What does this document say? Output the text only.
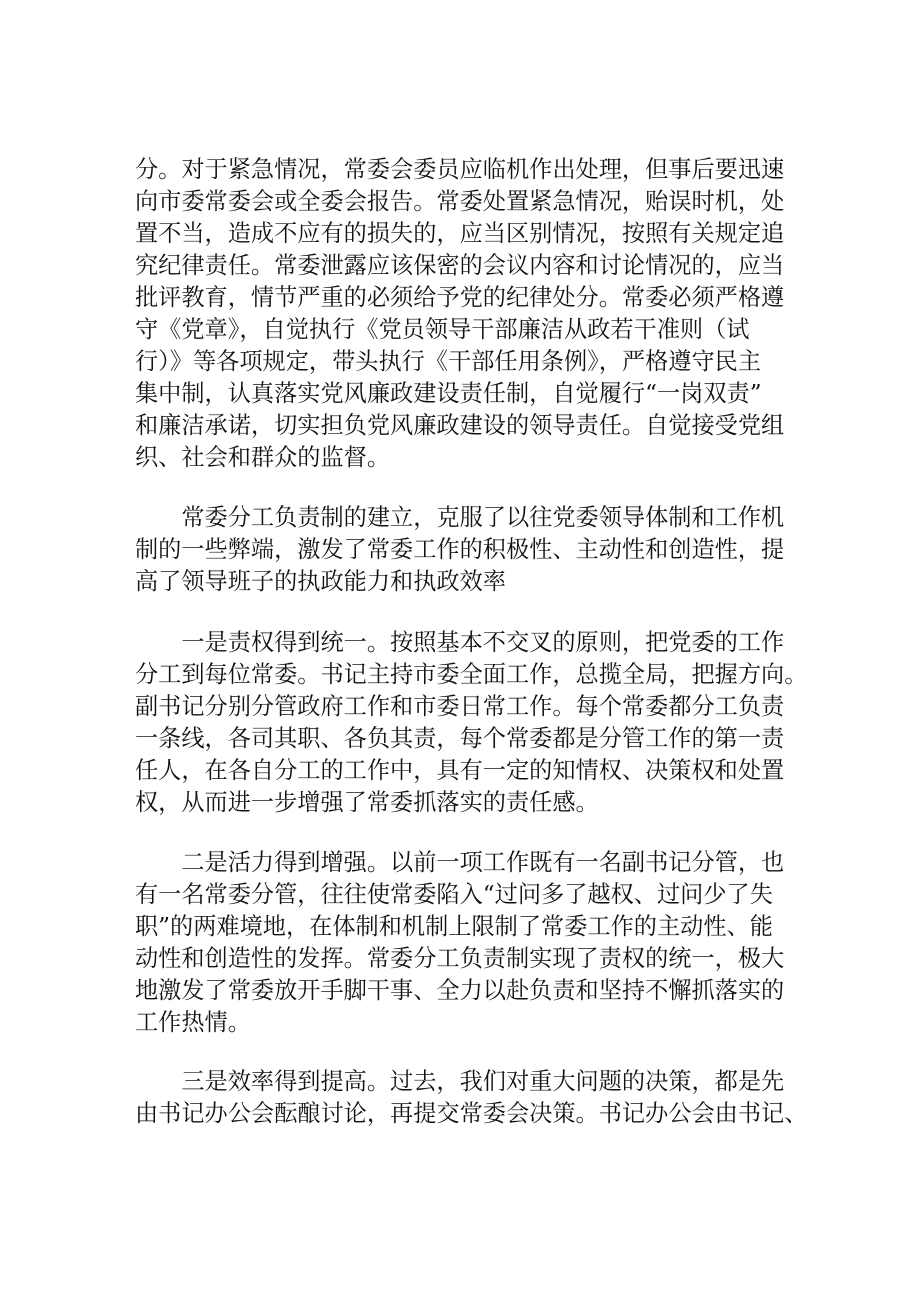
分。对于紧急情况，常委会委员应临机作出处理，但事后要迅速
向市委常委会或全委会报告。常委处置紧急情况，贻误时机，处
置不当，造成不应有的损失的，应当区别情况，按照有关规定追
究纪律责任。常委泄露应该保密的会议内容和讨论情况的，应当
批评教育，情节严重的必须给予党的纪律处分。常委必须严格遵
守《党章》，自觉执行《党员领导干部廉洁从政若干准则（试
行）》等各项规定，带头执行《干部任用条例》，严格遵守民主
集中制，认真落实党风廉政建设责任制，自觉履行“一岗双责”
和廉洁承诺，切实担负党风廉政建设的领导责任。自觉接受党组
织、社会和群众的监督。
　　常委分工负责制的建立，克服了以往党委领导体制和工作机
制的一些弊端，激发了常委工作的积极性、主动性和创造性，提
高了领导班子的执政能力和执政效率
　　一是责权得到统一。按照基本不交叉的原则，把党委的工作
分工到每位常委。书记主持市委全面工作，总揽全局，把握方向。
副书记分别分管政府工作和市委日常工作。每个常委都分工负责
一条线，各司其职、各负其责，每个常委都是分管工作的第一责
任人，在各自分工的工作中，具有一定的知情权、决策权和处置
权，从而进一步增强了常委抓落实的责任感。
　　二是活力得到增强。以前一项工作既有一名副书记分管，也
有一名常委分管，往往使常委陷入“过问多了越权、过问少了失
职”的两难境地，在体制和机制上限制了常委工作的主动性、能
动性和创造性的发挥。常委分工负责制实现了责权的统一，极大
地激发了常委放开手脚干事、全力以赴负责和坚持不懈抓落实的
工作热情。
　　三是效率得到提高。过去，我们对重大问题的决策，都是先
由书记办公会酝酿讨论，再提交常委会决策。书记办公会由书记、
